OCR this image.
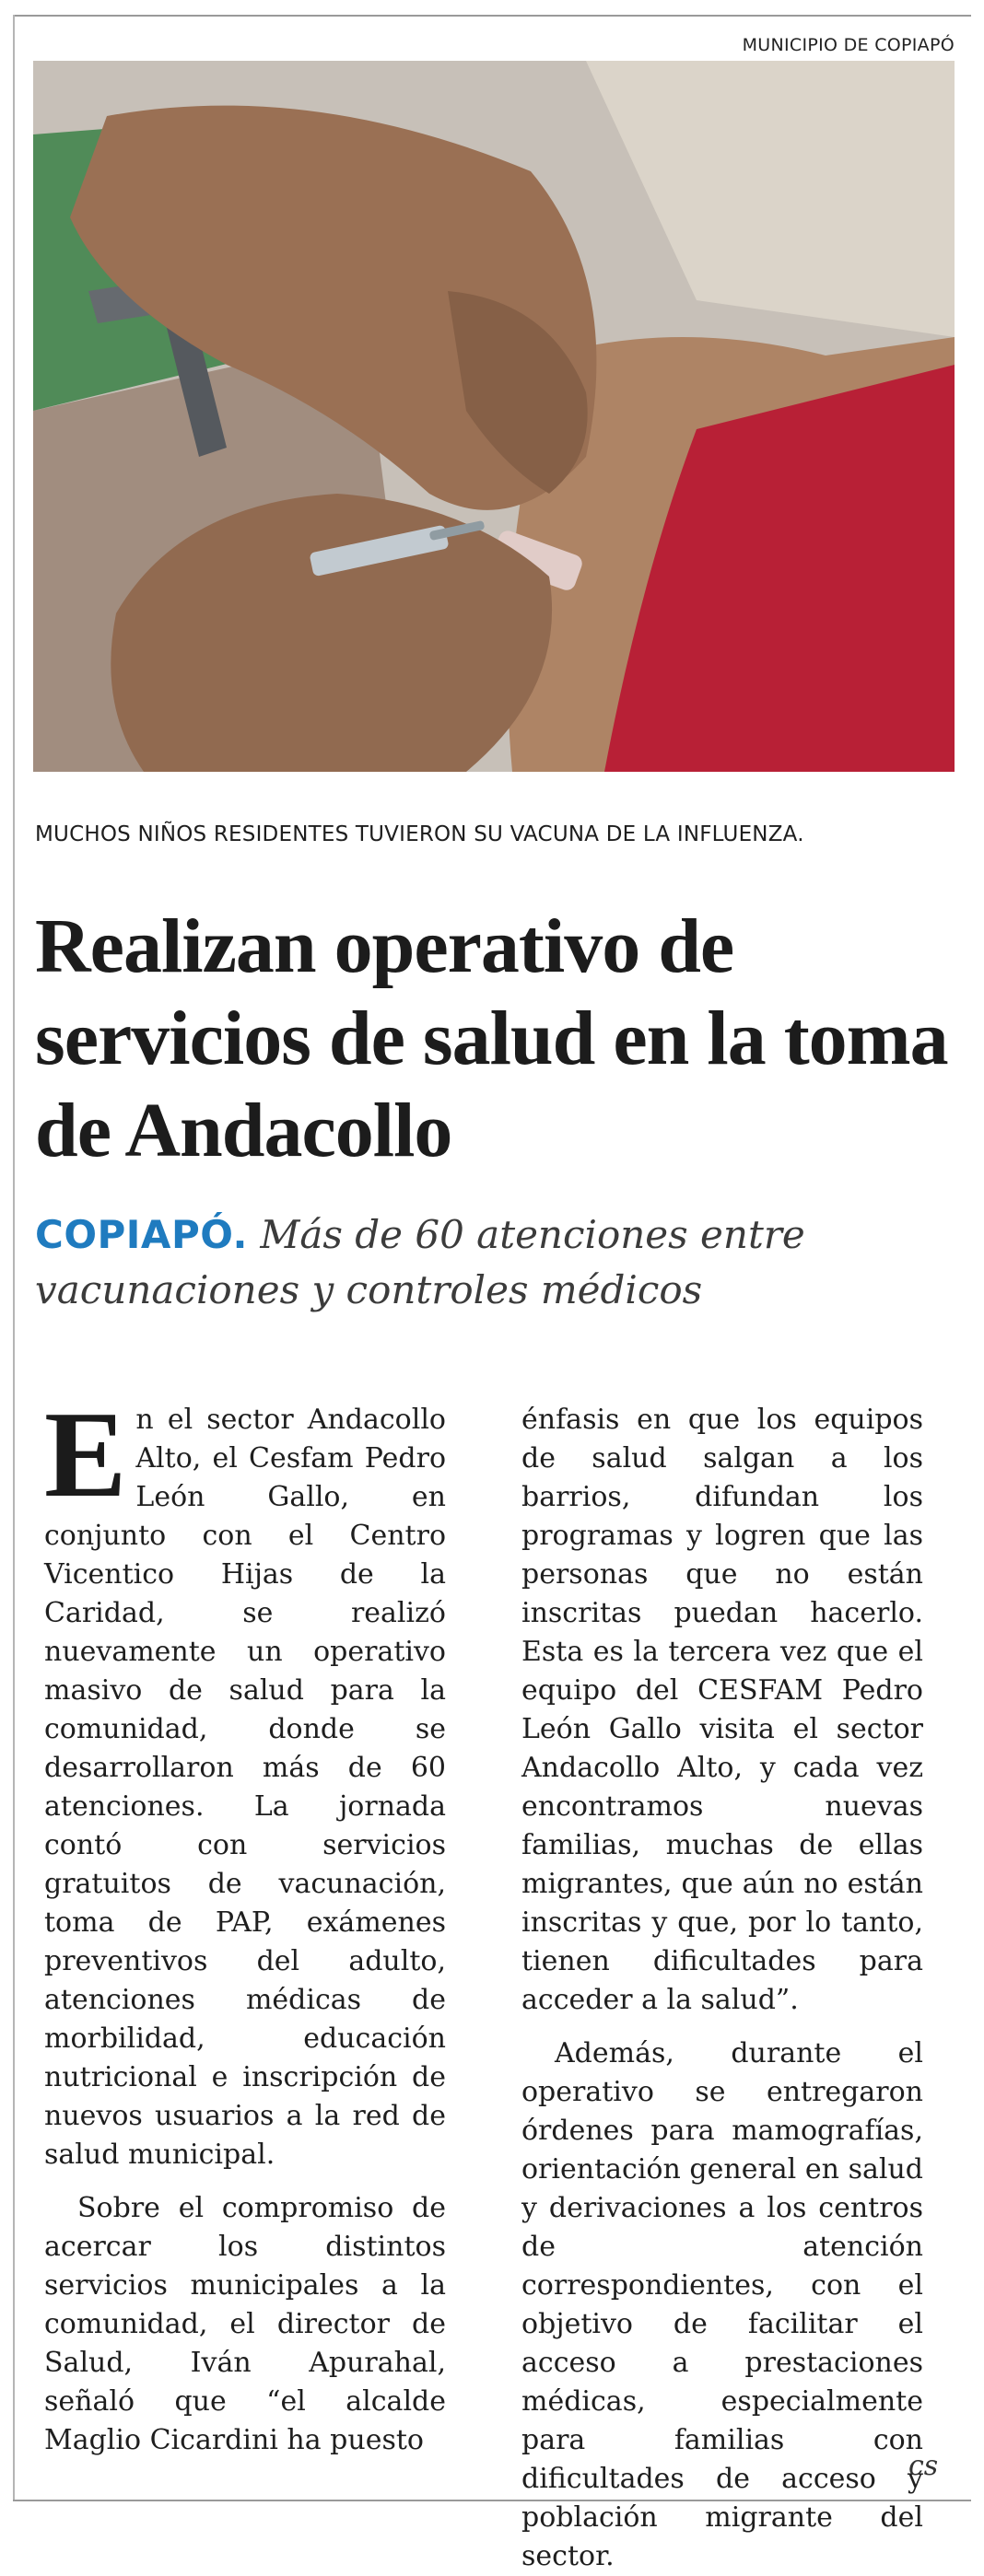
MUNICIPIO DE COPIAPÓ
MUCHOS NIÑOS RESIDENTES TUVIERON SU VACUNA DE LA INFLUENZA.
Realizan operativo de servicios de salud en la toma de Andacollo

COPIAPÓ. Más de 60 atenciones entre vacunaciones y controles médicos

En el sector Andacollo Alto, el Cesfam Pedro León Gallo, en conjunto con el Centro Vicentico Hijas de la Caridad, se realizó nuevamente un operativo masivo de salud para la comunidad, donde se desarrollaron más de 60 atenciones. La jornada contó con servicios gratuitos de vacunación, toma de PAP, exámenes preventivos del adulto, atenciones médicas de morbilidad, educación nutricional e inscripción de nuevos usuarios a la red de salud municipal.

Sobre el compromiso de acercar los distintos servicios municipales a la comunidad, el director de Salud, Iván Apurahal, señaló que “el alcalde Maglio Cicardini ha puesto

énfasis en que los equipos de salud salgan a los barrios, difundan los programas y logren que las personas que no están inscritas puedan hacerlo. Esta es la tercera vez que el equipo del CESFAM Pedro León Gallo visita el sector Andacollo Alto, y cada vez encontramos nuevas familias, muchas de ellas migrantes, que aún no están inscritas y que, por lo tanto, tienen dificultades para acceder a la salud”.

Además, durante el operativo se entregaron órdenes para mamografías, orientación general en salud y derivaciones a los centros de atención correspondientes, con el objetivo de facilitar el acceso a prestaciones médicas, especialmente para familias con dificultades de acceso y población migrante del sector.

cs
